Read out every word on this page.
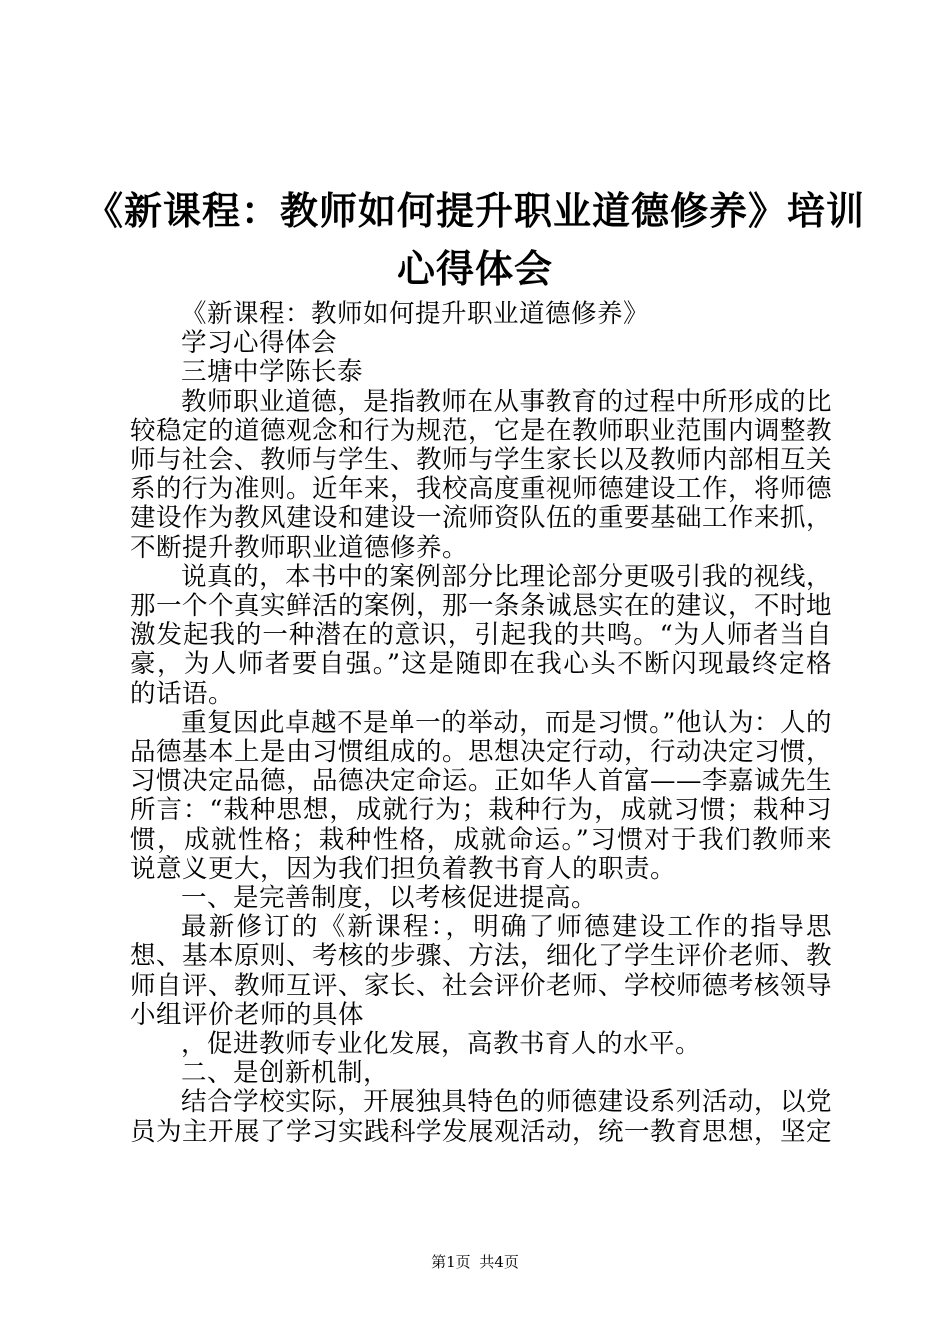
《新课程：教师如何提升职业道德修养》培训
心得体会

《新课程：教师如何提升职业道德修养》

学习心得体会

三塘中学陈长泰

教师职业道德，是指教师在从事教育的过程中所形成的比较稳定的道德观念和行为规范，它是在教师职业范围内调整教师与社会、教师与学生、教师与学生家长以及教师内部相互关系的行为准则。近年来，我校高度重视师德建设工作，将师德建设作为教风建设和建设一流师资队伍的重要基础工作来抓，不断提升教师职业道德修养。

说真的，本书中的案例部分比理论部分更吸引我的视线，那一个个真实鲜活的案例，那一条条诚恳实在的建议，不时地激发起我的一种潜在的意识，引起我的共鸣。“为人师者当自豪，为人师者要自强。”这是随即在我心头不断闪现最终定格的话语。

重复因此卓越不是单一的举动，而是习惯。”他认为：人的品德基本上是由习惯组成的。思想决定行动，行动决定习惯，习惯决定品德，品德决定命运。正如华人首富——李嘉诚先生所言：“栽种思想，成就行为；栽种行为，成就习惯；栽种习惯，成就性格；栽种性格，成就命运。”习惯对于我们教师来说意义更大，因为我们担负着教书育人的职责。

一、是完善制度，以考核促进提高。

最新修订的《新课程：，明确了师德建设工作的指导思想、基本原则、考核的步骤、方法，细化了学生评价老师、教师自评、教师互评、家长、社会评价老师、学校师德考核领导小组评价老师的具体

，促进教师专业化发展，高教书育人的水平。

二、是创新机制，

结合学校实际，开展独具特色的师德建设系列活动，以党员为主开展了学习实践科学发展观活动，统一教育思想，坚定

第1页 共4页
